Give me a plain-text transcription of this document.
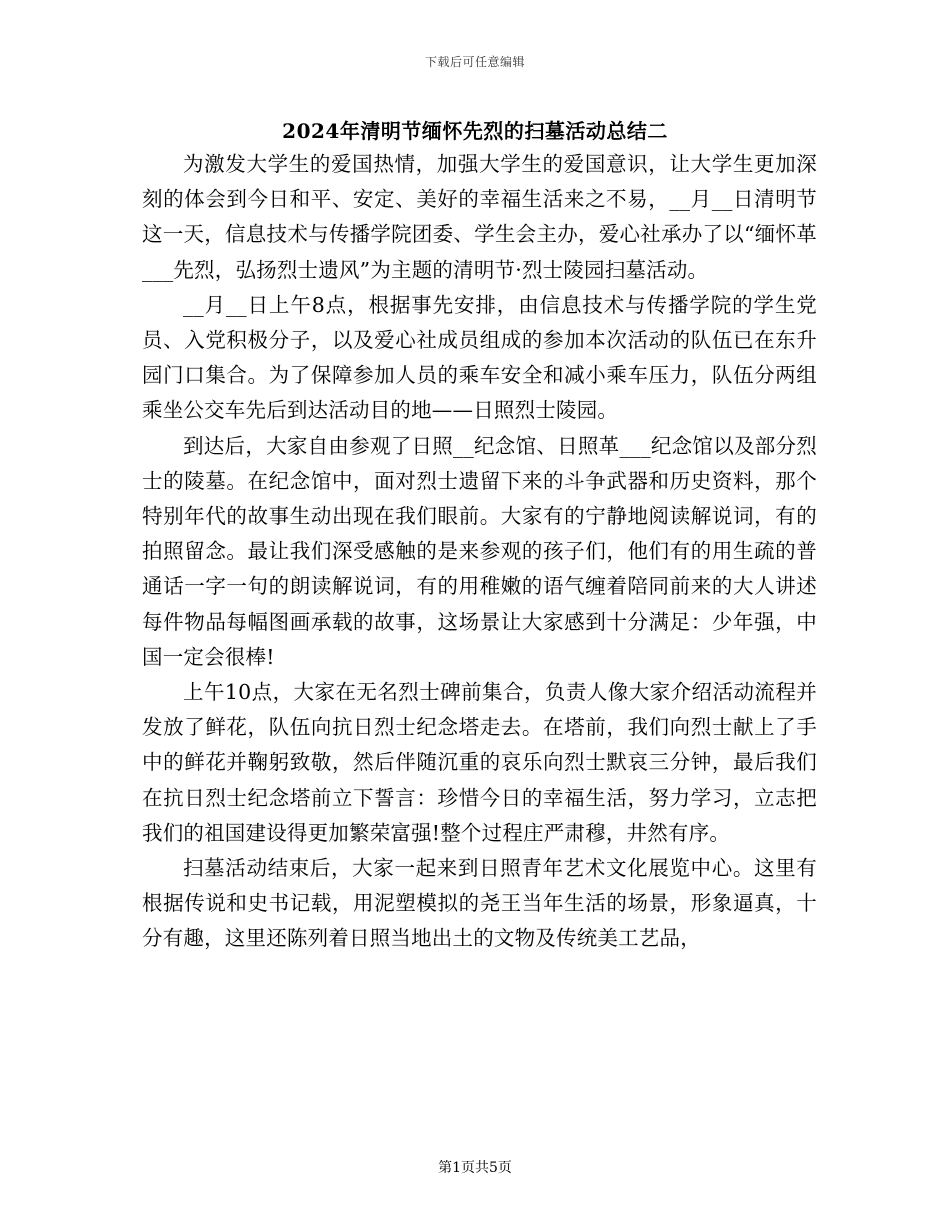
下载后可任意编辑
2024年清明节缅怀先烈的扫墓活动总结二

为激发大学生的爱国热情，加强大学生的爱国意识，让大学生更加深刻的体会到今日和平、安定、美好的幸福生活来之不易，__月__日清明节这一天，信息技术与传播学院团委、学生会主办，爱心社承办了以“缅怀革___先烈，弘扬烈士遗风”为主题的清明节·烈士陵园扫墓活动。

__月__日上午8点，根据事先安排，由信息技术与传播学院的学生党员、入党积极分子，以及爱心社成员组成的参加本次活动的队伍已在东升园门口集合。为了保障参加人员的乘车安全和减小乘车压力，队伍分两组乘坐公交车先后到达活动目的地——日照烈士陵园。

到达后，大家自由参观了日照__纪念馆、日照革___纪念馆以及部分烈士的陵墓。在纪念馆中，面对烈士遗留下来的斗争武器和历史资料，那个特别年代的故事生动出现在我们眼前。大家有的宁静地阅读解说词，有的拍照留念。最让我们深受感触的是来参观的孩子们，他们有的用生疏的普通话一字一句的朗读解说词，有的用稚嫩的语气缠着陪同前来的大人讲述每件物品每幅图画承载的故事，这场景让大家感到十分满足：少年强，中国一定会很棒!

上午10点，大家在无名烈士碑前集合，负责人像大家介绍活动流程并发放了鲜花，队伍向抗日烈士纪念塔走去。在塔前，我们向烈士献上了手中的鲜花并鞠躬致敬，然后伴随沉重的哀乐向烈士默哀三分钟，最后我们在抗日烈士纪念塔前立下誓言：珍惜今日的幸福生活，努力学习，立志把我们的祖国建设得更加繁荣富强!整个过程庄严肃穆，井然有序。

扫墓活动结束后，大家一起来到日照青年艺术文化展览中心。这里有根据传说和史书记载，用泥塑模拟的尧王当年生活的场景，形象逼真，十分有趣，这里还陈列着日照当地出土的文物及传统美工艺品，

第1页共5页
